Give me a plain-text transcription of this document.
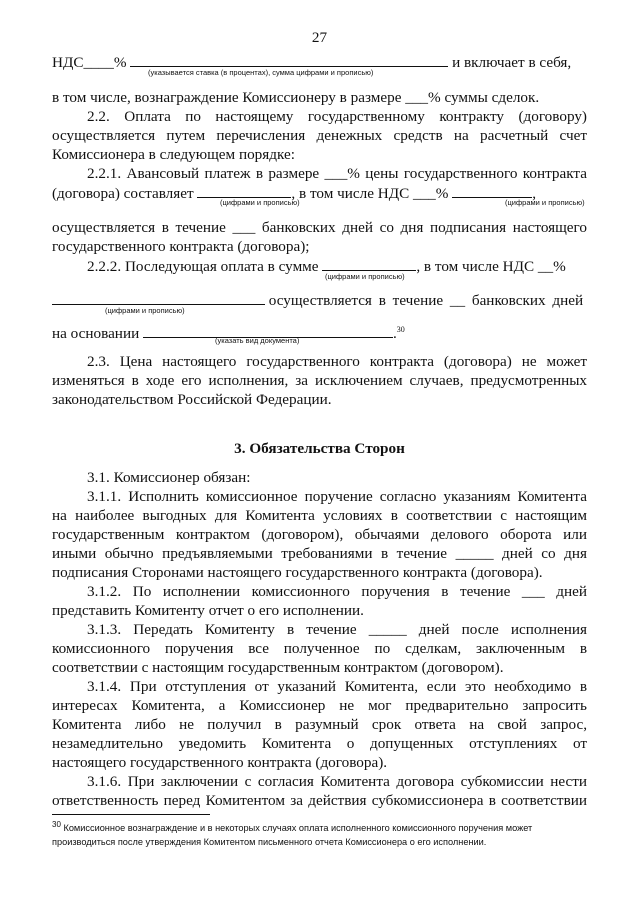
27
НДС____%	и включает в себя,
(указывается ставка (в процентах), сумма цифрами и прописью)
в том числе, вознаграждение Комиссионеру в размере ___% суммы сделок.
2.2. Оплата по настоящему государственному контракту (договору)
осуществляется путем перечисления денежных средств на расчетный счет
Комиссионера в следующем порядке:
2.2.1. Авансовый платеж в размере ___% цены государственного контракта
(договора) составляет	, в том числе НДС ___%	,
(цифрами и прописью)	(цифрами и прописью)
осуществляется в течение ___ банковских дней со дня подписания настоящего
государственного контракта (договора);
2.2.2. Последующая оплата в сумме	, в том числе НДС __%
(цифрами и прописью)
осуществляется в течение __ банковских дней
(цифрами и прописью)
на основании	.$^{30}$
(указать вид документа)
2.3. Цена настоящего государственного контракта (договора) не может
изменяться в ходе его исполнения, за исключением случаев, предусмотренных
законодательством Российской Федерации.
3. Обязательства Сторон
3.1. Комиссионер обязан:
3.1.1. Исполнить комиссионное поручение согласно указаниям Комитента
на наиболее выгодных для Комитента условиях в соответствии с настоящим
государственным контрактом (договором), обычаями делового оборота или
иными обычно предъявляемыми требованиями в течение _____ дней со дня
подписания Сторонами настоящего государственного контракта (договора).
3.1.2. По исполнении комиссионного поручения в течение ___ дней
представить Комитенту отчет о его исполнении.
3.1.3. Передать Комитенту в течение _____ дней после исполнения
комиссионного поручения все полученное по сделкам, заключенным в
соответствии с настоящим государственным контрактом (договором).
3.1.4. При отступления от указаний Комитента, если это необходимо в
интересах Комитента, а Комиссионер не мог предварительно запросить
Комитента либо не получил в разумный срок ответа на свой запрос,
незамедлительно уведомить Комитента о допущенных отступлениях от
настоящего государственного контракта (договора).
3.1.6. При заключении с согласия Комитента договора субкомиссии нести
ответственность перед Комитентом за действия субкомиссионера в соответствии
$^{30}$ Комиссионное вознаграждение и в некоторых случаях оплата исполненного комиссионного поручения может производиться после утверждения Комитентом письменного отчета Комиссионера о его исполнении.
